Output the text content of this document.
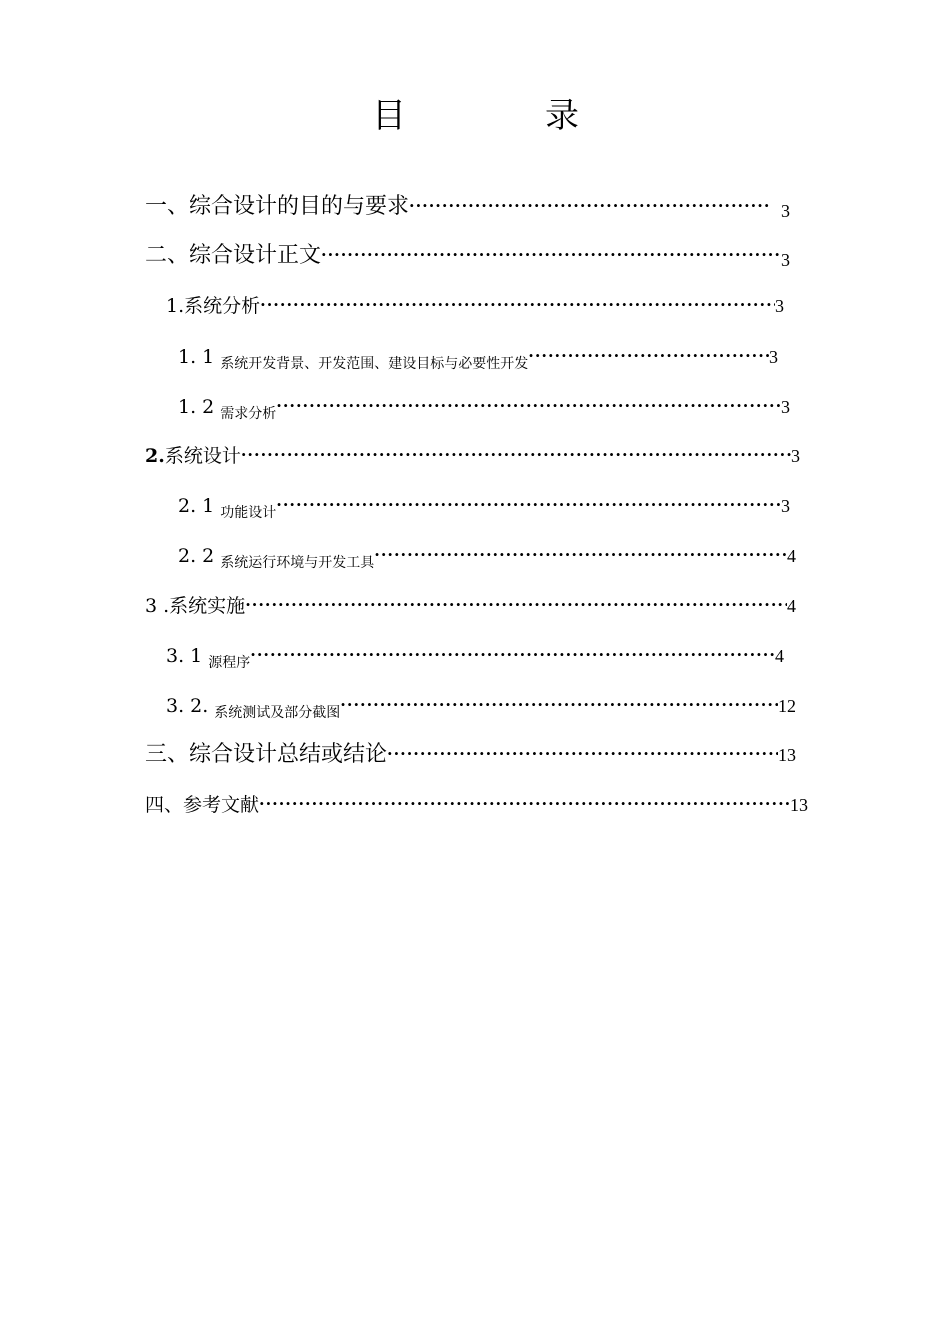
目	录
一、综合设计的目的与要求 ·····	3
二、综合设计正文 ·····	3
1. 系统分析 ·····	3
1. 1 系统开发背景、开发范围、建设目标与必要性开发 ·····	3
1. 2 需求分析 ·····	3
2. 系统设计 ·····	3
2. 1 功能设计 ·····	3
2. 2 系统运行环境与开发工具 ·····	4
3 . 系统实施 ·····	4
3. 1 源程序 ·····	4
3. 2. 系统测试及部分截图 ·····	12
三、综合设计总结或结论 ·····	13
四、参考文献 ·····	13
